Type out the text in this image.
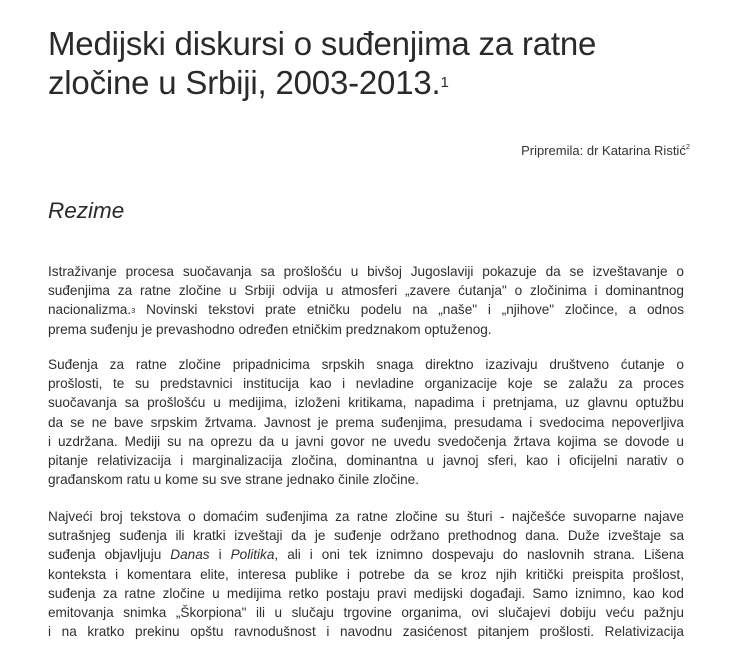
Medijski diskursi o suđenjima za ratne
zločine u Srbiji, 2003-2013.$^1$
Pripremila: dr Katarina Ristić$^2$
Rezime

Istraživanje procesa suočavanja sa prošlošću u bivšoj Jugoslaviji pokazuje da se izveštavanje o
suđenjima za ratne zločine u Srbiji odvija u atmosferi „zavere ćutanja" o zločinima i dominantnog
nacionalizma.$^3$ Novinski tekstovi prate etničku podelu na „naše" i „njihove" zločince, a odnos
prema suđenju je prevashodno određen etničkim predznakom optuženog.

Suđenja za ratne zločine pripadnicima srpskih snaga direktno izazivaju društveno ćutanje o
prošlosti, te su predstavnici institucija kao i nevladine organizacije koje se zalažu za proces
suočavanja sa prošlošću u medijima, izloženi kritikama, napadima i pretnjama, uz glavnu optužbu
da se ne bave srpskim žrtvama. Javnost je prema suđenjima, presudama i svedocima nepoverljiva
i uzdržana. Mediji su na oprezu da u javni govor ne uvedu svedočenja žrtava kojima se dovode u
pitanje relativizacija i marginalizacija zločina, dominantna u javnoj sferi, kao i oficijelni narativ o
građanskom ratu u kome su sve strane jednako činile zločine.

Najveći broj tekstova o domaćim suđenjima za ratne zločine su šturi - najčešće suvoparne najave
sutrašnjeg suđenja ili kratki izveštaji da je suđenje održano prethodnog dana. Duže izveštaje sa
suđenja objavljuju Danas i Politika, ali i oni tek iznimno dospevaju do naslovnih strana. Lišena
konteksta i komentara elite, interesa publike i potrebe da se kroz njih kritički preispita prošlost,
suđenja za ratne zločine u medijima retko postaju pravi medijski događaji. Samo iznimno, kao kod
emitovanja snimka „Škorpiona" ili u slučaju trgovine organima, ovi slučajevi dobiju veću pažnju
i na kratko prekinu opštu ravnodušnost i navodnu zasićenost pitanjem prošlosti. Relativizacija
